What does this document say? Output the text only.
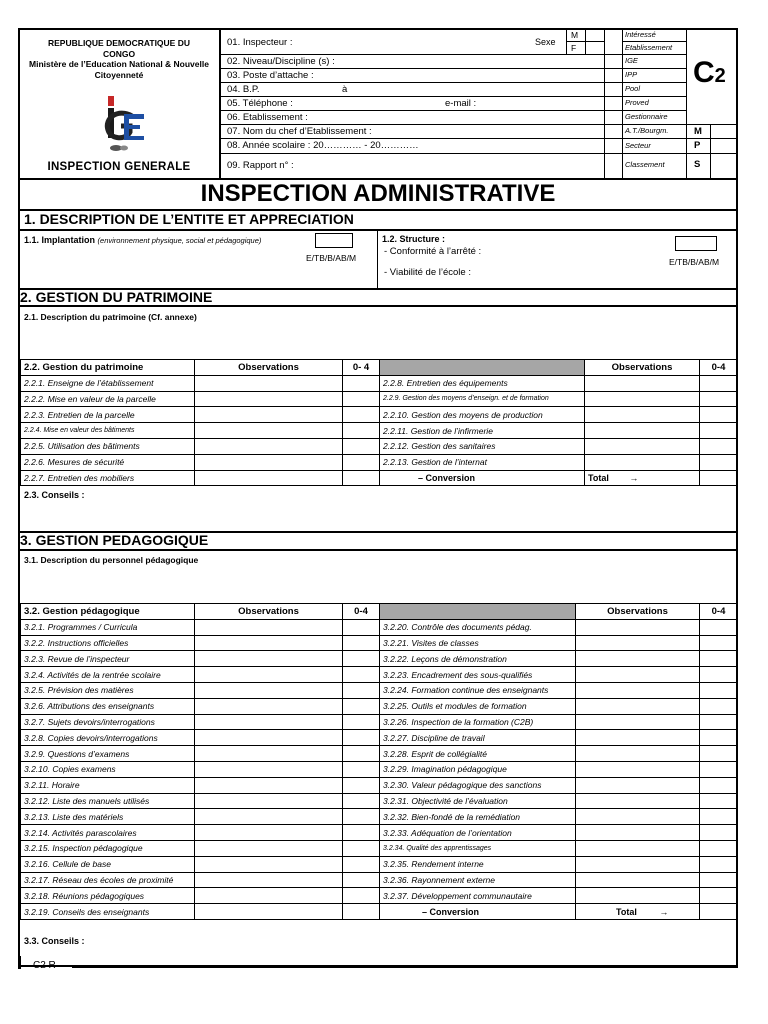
REPUBLIQUE DEMOCRATIQUE DU
CONGO
Ministère de l’Education National & Nouvelle
Citoyenneté
INSPECTION GENERALE
01. Inspecteur :	Sexe
M
F
02. Niveau/Discipline (s) :
03. Poste d’attache :
04. B.P.	à
05. Téléphone :	e-mail :
06. Etablissement :
07. Nom du chef d’Etablissement :
08. Année scolaire : 20………… - 20…………
09. Rapport n° :
Intéressé
Etablissement
IGE
IPP
Pool
Proved
Gestionnaire
A.T./Bourgm.
Secteur
Classement
C2
M
P
S
INSPECTION ADMINISTRATIVE
1. DESCRIPTION DE L’ENTITE ET APPRECIATION
1.1. Implantation (environnement physique, social et pédagogique)
E/TB/B/AB/M
1.2. Structure :
- Conformité à l’arrêté :
- Viabilité de l’école :
E/TB/B/AB/M
2. GESTION DU PATRIMOINE
2.1. Description du patrimoine (Cf. annexe)
2.2. Gestion du patrimoine	Observations	0- 4		Observations	0-4
2.2.1. Enseigne de l’établissement			2.2.8. Entretien des équipements		
2.2.2. Mise en valeur de la parcelle			2.2.9. Gestion des moyens d’enseign. et de formation		
2.2.3. Entretien de la parcelle			2.2.10. Gestion des moyens de production		
2.2.4. Mise en valeur des bâtiments			2.2.11. Gestion de l’infirmerie		
2.2.5. Utilisation des bâtiments			2.2.12. Gestion des sanitaires		
2.2.6. Mesures de sécurité			2.2.13. Gestion de l’internat		
2.2.7. Entretien des mobiliers			– Conversion	Total →	
2.3. Conseils :
3. GESTION PEDAGOGIQUE
3.1. Description du personnel pédagogique
3.2. Gestion pédagogique	Observations	0-4		Observations	0-4
3.2.1. Programmes / Curricula			3.2.20. Contrôle des documents pédag.		
3.2.2. Instructions officielles			3.2.21. Visites de classes		
3.2.3. Revue de l’inspecteur			3.2.22. Leçons de démonstration		
3.2.4. Activités de la rentrée scolaire			3.2.23. Encadrement des sous-qualifiés		
3.2.5. Prévision des matières			3.2.24. Formation continue des enseignants		
3.2.6. Attributions des enseignants			3.2.25. Outils et modules de formation		
3.2.7. Sujets devoirs/interrogations			3.2.26. Inspection de la formation (C2B)		
3.2.8. Copies devoirs/interrogations			3.2.27. Discipline de travail		
3.2.9. Questions d’examens			3.2.28. Esprit de collégialité		
3.2.10. Copies examens			3.2.29. Imagination pédagogique		
3.2.11. Horaire			3.2.30. Valeur pédagogique des sanctions		
3.2.12. Liste des manuels utilisés			3.2.31. Objectivité de l’évaluation		
3.2.13. Liste des matériels			3.2.32. Bien-fondé de la remédiation		
3.2.14. Activités parascolaires			3.2.33. Adéquation de l’orientation		
3.2.15. Inspection pédagogique			3.2.34. Qualité des apprentissages		
3.2.16. Cellule de base			3.2.35. Rendement interne		
3.2.17. Réseau des écoles de proximité			3.2.36. Rayonnement externe		
3.2.18. Réunions pédagogiques			3.2.37. Développement communautaire		
3.2.19. Conseils des enseignants			– Conversion	Total →	
3.3. Conseils :
C2 R
